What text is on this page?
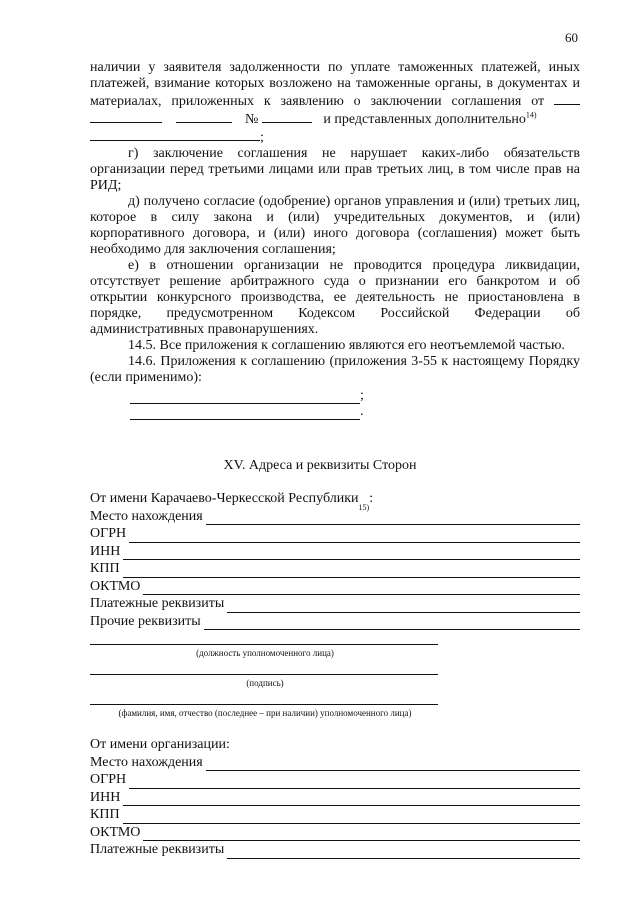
60

наличии у заявителя задолженности по уплате таможенных платежей, иных платежей, взимание которых возложено на таможенные органы, в документах и материалах, приложенных к заявлению о заключении соглашения от    №	и представленных дополнительно$^{14)}$
;

г) заключение соглашения не нарушает каких-либо обязательств организации перед третьими лицами или прав третьих лиц, в том числе прав на РИД;

д) получено согласие (одобрение) органов управления и (или) третьих лиц, которое в силу закона и (или) учредительных документов, и (или) корпоративного договора, и (или) иного договора (соглашения) может быть необходимо для заключения соглашения;

е) в отношении организации не проводится процедура ликвидации, отсутствует решение арбитражного суда о признании его банкротом и об открытии конкурсного производства, ее деятельность не приостановлена в порядке, предусмотренном Кодексом Российской Федерации об административных правонарушениях.

14.5. Все приложения к соглашению являются его неотъемлемой частью.

14.6. Приложения к соглашению (приложения 3-55 к настоящему Порядку (если применимо):

;
.
XV. Адреса и реквизиты Сторон
От имени Карачаево-Черкесской Республики
15)
:
Место нахождения
ОГРН
ИНН
КПП
ОКТМО
Платежные реквизиты
Прочие реквизиты
(должность уполномоченного лица)
(подпись)
(фамилия, имя, отчество (последнее – при наличии) уполномоченного лица)
От имени организации:
Место нахождения
ОГРН
ИНН
КПП
ОКТМО
Платежные реквизиты
